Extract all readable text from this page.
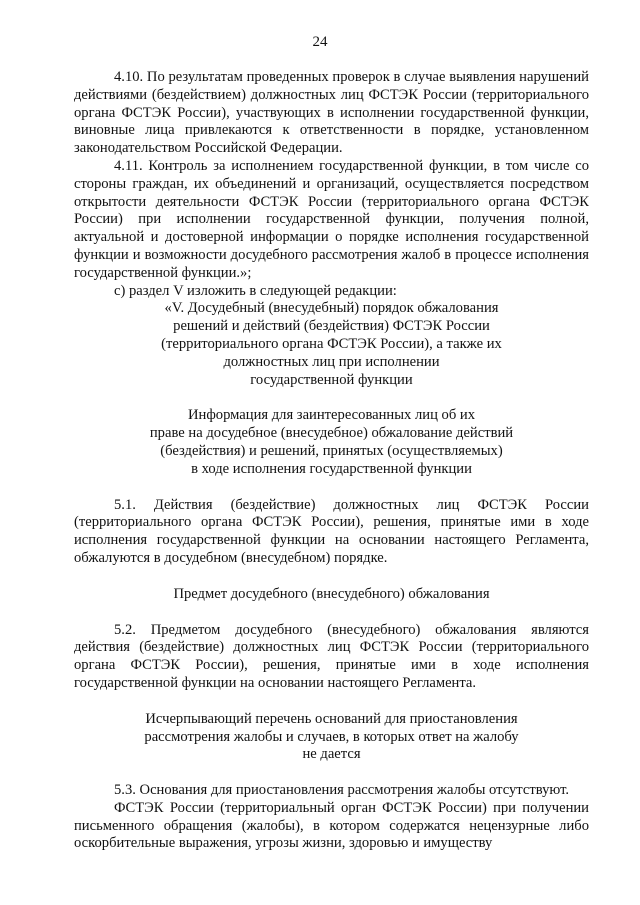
24

4.10. По результатам проведенных проверок в случае выявления нарушений действиями (бездействием) должностных лиц ФСТЭК России (территориального органа ФСТЭК России), участвующих в исполнении государственной функции, виновные лица привлекаются к ответственности в порядке, установленном законодательством Российской Федерации.

4.11. Контроль за исполнением государственной функции, в том числе со стороны граждан, их объединений и организаций, осуществляется посредством открытости деятельности ФСТЭК России (территориального органа ФСТЭК России) при исполнении государственной функции, получения полной, актуальной и достоверной информации о порядке исполнения государственной функции и возможности досудебного рассмотрения жалоб в процессе исполнения государственной функции.»;

с) раздел V изложить в следующей редакции:

«V. Досудебный (внесудебный) порядок обжалования

решений и действий (бездействия) ФСТЭК России

(территориального органа ФСТЭК России), а также их

должностных лиц при исполнении

государственной функции

Информация для заинтересованных лиц об их

праве на досудебное (внесудебное) обжалование действий

(бездействия) и решений, принятых (осуществляемых)

в ходе исполнения государственной функции

5.1. Действия (бездействие) должностных лиц ФСТЭК России (территориального органа ФСТЭК России), решения, принятые ими в ходе исполнения государственной функции на основании настоящего Регламента, обжалуются в досудебном (внесудебном) порядке.

Предмет досудебного (внесудебного) обжалования

5.2. Предметом досудебного (внесудебного) обжалования являются действия (бездействие) должностных лиц ФСТЭК России (территориального органа ФСТЭК России), решения, принятые ими в ходе исполнения государственной функции на основании настоящего Регламента.

Исчерпывающий перечень оснований для приостановления

рассмотрения жалобы и случаев, в которых ответ на жалобу

не дается

5.3. Основания для приостановления рассмотрения жалобы отсутствуют.

ФСТЭК России (территориальный орган ФСТЭК России) при получении письменного обращения (жалобы), в котором содержатся нецензурные либо оскорбительные выражения, угрозы жизни, здоровью и имуществу
